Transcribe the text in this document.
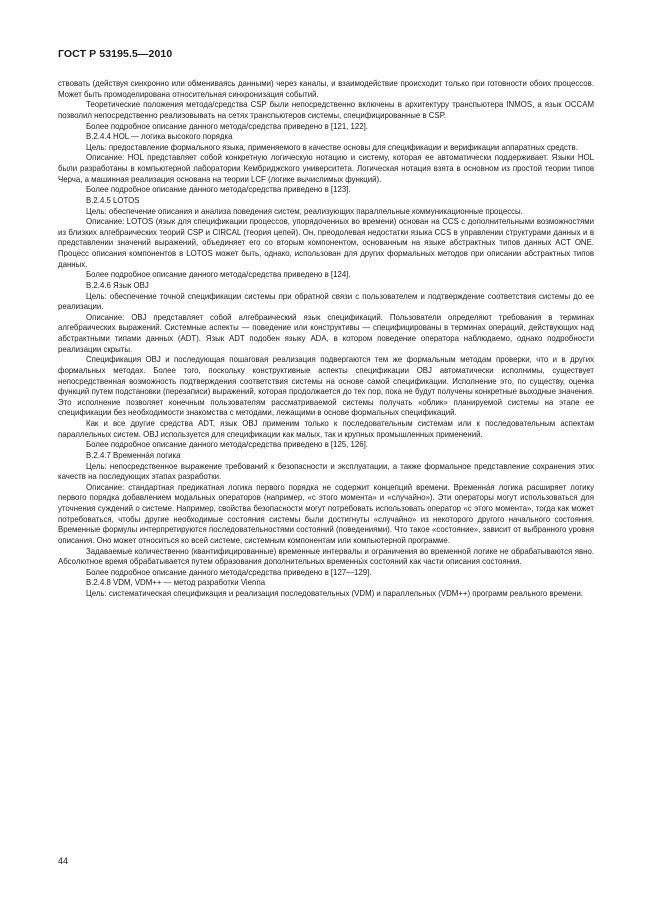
ГОСТ Р 53195.5—2010

ствовать (действуя синхронно или обмениваясь данными) через каналы, и взаимодействие происходит только при готовности обоих процессов. Может быть промоделирована относительная синхронизация событий.

Теоретические положения метода/средства CSP были непосредственно включены в архитектуру транспьютера INMOS, а язык OCCAM позволил непосредственно реализовывать на сетях транспьютеров системы, специфицированные в CSP.

Более подробное описание данного метода/средства приведено в [121, 122].

B.2.4.4 HOL — логика высокого порядка

Цель: предоставление формального языка, применяемого в качестве основы для спецификации и верификации аппаратных средств.

Описание: HOL представляет собой конкретную логическую нотацию и систему, которая ее автоматически поддерживает. Языки HOL были разработаны в компьютерной лаборатории Кембриджского университета. Логическая нотация взята в основном из простой теории типов Черча, а машинная реализация основана на теории LCF (логике вычислимых функций).

Более подробное описание данного метода/средства приведено в [123].

B.2.4.5 LOTOS

Цель: обеспечение описания и анализа поведения систем, реализующих параллельные коммуникационные процессы.

Описание: LOTOS (язык для спецификации процессов, упорядоченных во времени) основан на CCS с дополнительными возможностями из близких алгебраических теорий CSP и CIRCAL (теория цепей). Он, преодолевая недостатки языка CCS в управлении структурами данных и в представлении значений выражений, объединяет его со вторым компонентом, основанным на языке абстрактных типов данных ACT ONE. Процесс описания компонентов в LOTOS может быть, однако, использован для других формальных методов при описании абстрактных типов данных.

Более подробное описание данного метода/средства приведено в [124].

B.2.4.6 Язык OBJ

Цель: обеспечение точной спецификации системы при обратной связи с пользователем и подтверждение соответствия системы до ее реализации.

Описание: OBJ представляет собой алгебраический язык спецификаций. Пользователи определяют требования в терминах алгебраических выражений. Системные аспекты — поведение или конструктивы — специфицированы в терминах операций, действующих над абстрактными типами данных (ADT). Язык ADT подобен языку ADA, в котором поведение оператора наблюдаемо, однако подробности реализации скрыты.

Спецификация OBJ и последующая пошаговая реализация подвергаются тем же формальным методам проверки, что и в других формальных методах. Более того, поскольку конструктивные аспекты спецификации OBJ автоматически исполнимы, существует непосредственная возможность подтверждения соответствия системы на основе самой спецификации. Исполнение это, по существу, оценка функций путем подстановки (перезаписи) выражений, которая продолжается до тех пор, пока не будут получены конкретные выходные значения. Это исполнение позволяет конечным пользователям рассматриваемой системы получать «облик» планируемой системы на этапе ее спецификации без необходимости знакомства с методами, лежащими в основе формальных спецификаций.

Как и все другие средства ADT, язык OBJ применим только к последовательным системам или к последовательным аспектам параллельных систем. OBJ используется для спецификации как малых, так и крупных промышленных применений.

Более подробное описание данного метода/средства приведено в [125, 126].

B.2.4.7 Временна́я логика

Цель: непосредственное выражение требований к безопасности и эксплуатации, а также формальное представление сохранения этих качеств на последующих этапах разработки.

Описание: стандартная предикатная логика первого порядка не содержит концепций времени. Временна́я логика расширяет логику первого порядка добавлением модальных операторов (например, «с этого момента» и «случайно»). Эти операторы могут использоваться для уточнения суждений о системе. Например, свойства безопасности могут потребовать использовать оператор «с этого момента», тогда как может потребоваться, чтобы другие необходимые состояния системы были достигнуты «случайно» из некоторого другого начального состояния. Временные формулы интерпретируются последовательностями состояний (поведениями). Что такое «состояние», зависит от выбранного уровня описания. Оно может относиться ко всей системе, системным компонентам или компьютерной программе.

Задаваемые количественно (квантифицированные) временные интервалы и ограничения во временной логике не обрабатываются явно. Абсолютное время обрабатывается путем образования дополнительных временны́х состояний как части описания состояния.

Более подробное описание данного метода/средства приведено в [127—129].

B.2.4.8 VDM, VDM++ — метод разработки Vienna

Цель: систематическая спецификация и реализация последовательных (VDM) и параллельных (VDM++) программ реального времени.

44
